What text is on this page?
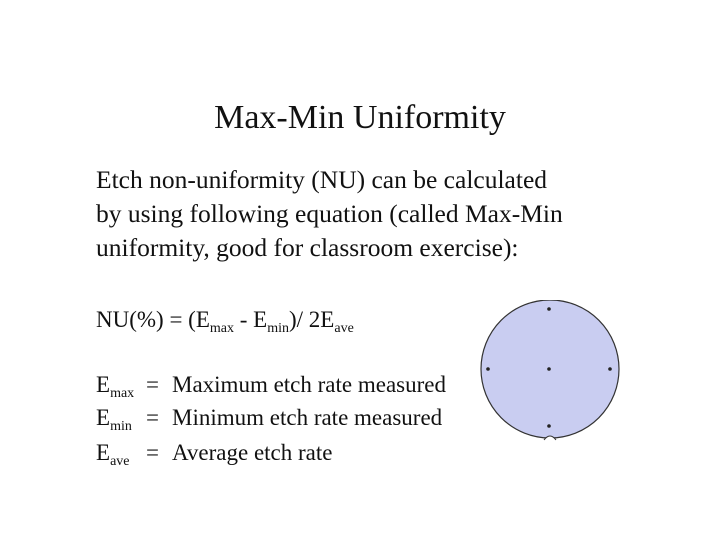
Max-Min Uniformity
Etch non-uniformity (NU) can be calculated by using following equation (called Max-Min uniformity, good for classroom exercise):
$NU(\%) = (E_{max} - E_{min})/$ $2E_{ave}$
$E_{max}$ = Maximum etch rate measured
$E_{min}$ = Minimum etch rate measured
$E_{ave}$ = Average etch rate
